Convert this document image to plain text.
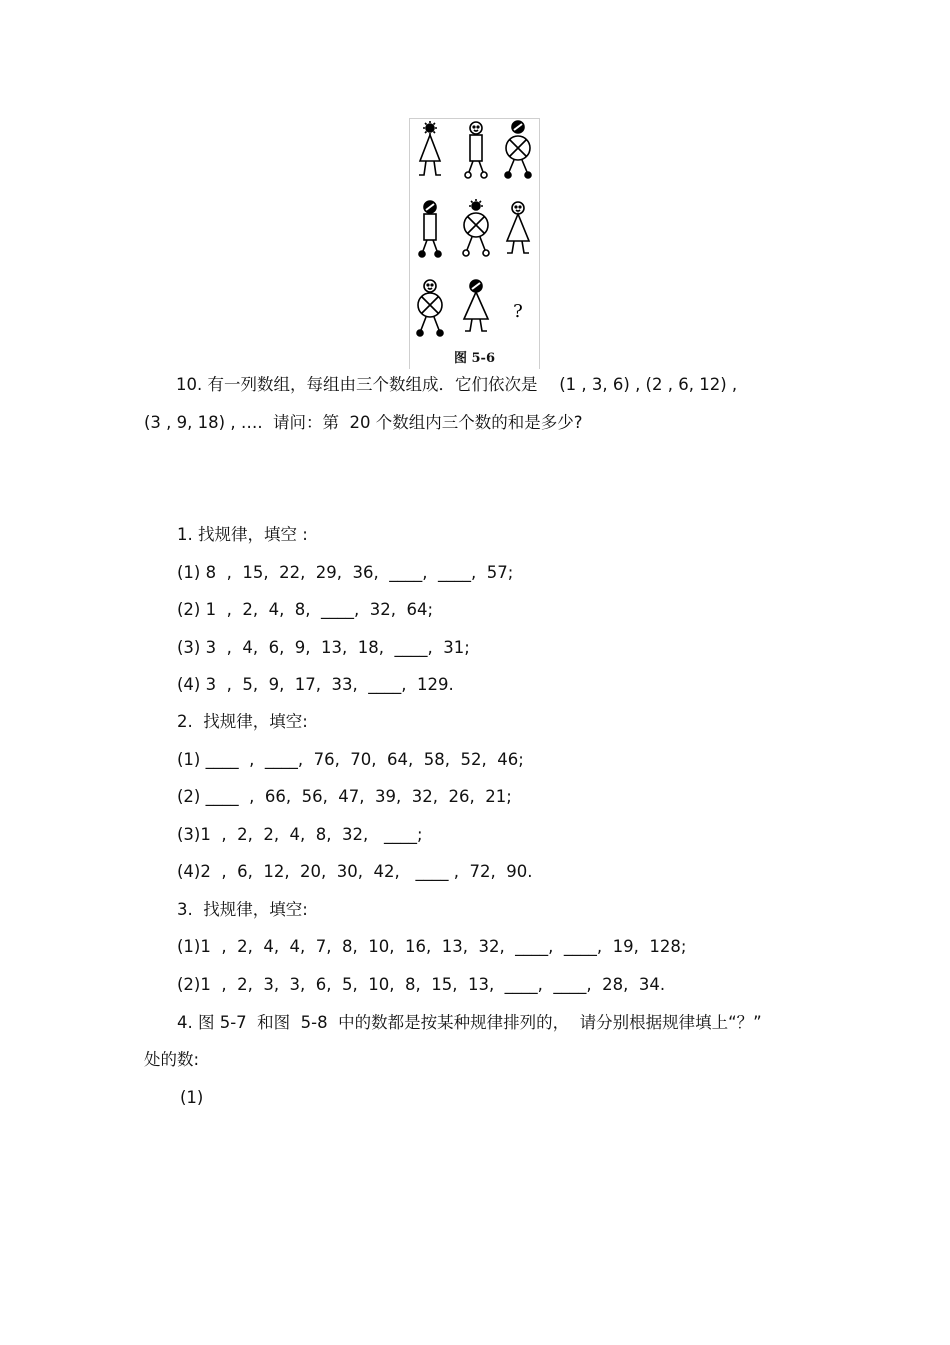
?
图 5-6
10. 有一列数组，每组由三个数组成．它们依次是　 (1 , 3, 6) , (2 , 6, 12) ,
(3 , 9, 18) , ….  请问：第  20 个数组内三个数的和是多少?
1. 找规律，填空 :
(1) 8  ,  15,  22,  29,  36,  ____,  ____,  57;
(2) 1  ,  2,  4,  8,  ____,  32,  64;
(3) 3  ,  4,  6,  9,  13,  18,  ____,  31;
(4) 3  ,  5,  9,  17,  33,  ____,  129.
2.  找规律，填空:
(1) ____  ,  ____,  76,  70,  64,  58,  52,  46;
(2) ____  ,  66,  56,  47,  39,  32,  26,  21;
(3)1  ,  2,  2,  4,  8,  32,   ____;
(4)2  ,  6,  12,  20,  30,  42,   ____ ,  72,  90.
3.  找规律，填空:
(1)1  ,  2,  4,  4,  7,  8,  10,  16,  13,  32,  ____,  ____,  19,  128;
(2)1  ,  2,  3,  3,  6,  5,  10,  8,  15,  13,  ____,  ____,  28,  34.
4. 图 5-7  和图  5-8  中的数都是按某种规律排列的，  请分别根据规律填上“？”
处的数:
(1)
